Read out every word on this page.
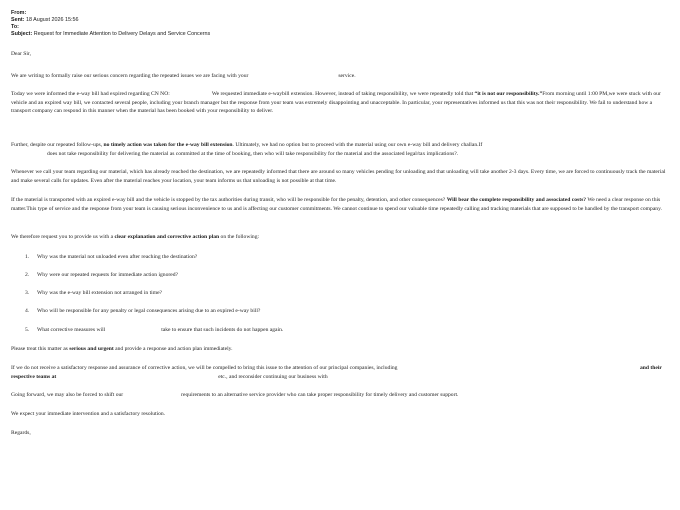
From:
Sent: 18 August 2026 15:56
To:
Subject: Request for Immediate Attention to Delivery Delays and Service Concerns
Dear Sir,
We are writing to formally raise our serious concern regarding the repeated issues we are facing with your	service.
Today we were informed the e-way bill had expired regarding CN NO:	We requested immediate e-waybill extension. However, instead of taking responsibility, we were repeatedly told that “it is not our responsibility.”From morning until 1:00 PM,we were stuck with our vehicle and an expired way bill, we contacted several people, including your branch manager but the response from your team was extremely disappointing and unacceptable. In particular, your representatives informed us that this was not their responsibility. We fail to understand how a transport company can respond in this manner when the material has been booked with your responsibility to deliver.
Further, despite our repeated follow-ups, no timely action was taken for the e-way bill extension. Ultimately, we had no option but to proceed with the material using our own e-way bill and delivery challan.If
does not take responsibility for delivering the material as committed at the time of booking, then who will take responsibility for the material and the associated legal/tax implications?.
Whenever we call your team regarding our material, which has already reached the destination, we are repeatedly informed that there are around so many vehicles pending for unloading and that unloading will take another 2-3 days. Every time, we are forced to continuously track the material and make several calls for updates. Even after the material reaches your location, your team informs us that unloading is not possible at that time.
If the material is transported with an expired e-way bill and the vehicle is stopped by the tax authorities during transit, who will be responsible for the penalty, detention, and other consequences? Will bear the complete responsibility and associated costs? We need a clear response on this matter.This type of service and the response from your team is causing serious inconvenience to us and is affecting our customer commitments. We cannot continue to spend our valuable time repeatedly calling and tracking materials that are supposed to be handled by the transport company.
We therefore request you to provide us with a clear explanation and corrective action plan on the following:
1. Why was the material not unloaded even after reaching the destination?
2. Why were our repeated requests for immediate action ignored?
3. Why was the e-way bill extension not arranged in time?
4. Who will be responsible for any penalty or legal consequences arising due to an expired e-way bill?
5. What corrective measures will	take to ensure that such incidents do not happen again.
Please treat this matter as serious and urgent and provide a response and action plan immediately.
If we do not receive a satisfactory response and assurance of corrective action, we will be compelled to bring this issue to the attention of our principal companies, including	and their
respective teams at	etc., and reconsider continuing our business with
Going forward, we may also be forced to shift our	requirements to an alternative service provider who can take proper responsibility for timely delivery and customer support.
We expect your immediate intervention and a satisfactory resolution.
Regards,
